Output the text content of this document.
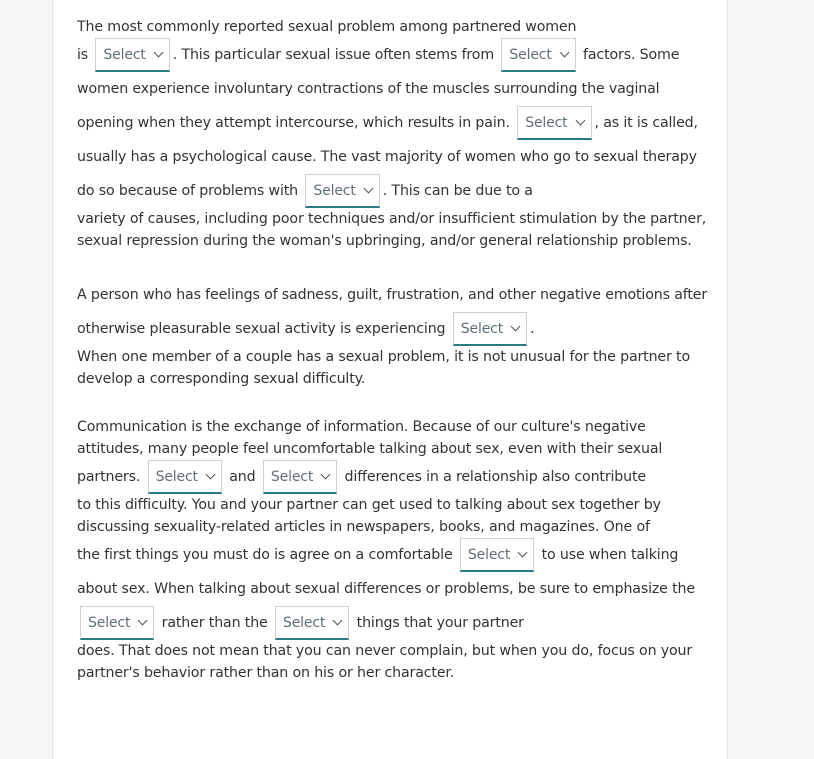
The most commonly reported sexual problem among partnered women
is Select . This particular sexual issue often stems from Select factors. Some women experience involuntary contractions of the muscles surrounding the vaginal opening when they attempt intercourse, which results in pain. Select , as it is called, usually has a psychological cause. The vast majority of women who go to sexual therapy do so because of problems with Select . This can be due to a
variety of causes, including poor techniques and/or insufficient stimulation by the partner, sexual repression during the woman's upbringing, and/or general relationship problems.

A person who has feelings of sadness, guilt, frustration, and other negative emotions after otherwise pleasurable sexual activity is experiencing Select .
When one member of a couple has a sexual problem, it is not unusual for the partner to develop a corresponding sexual difficulty.

Communication is the exchange of information. Because of our culture's negative attitudes, many people feel uncomfortable talking about sex, even with their sexual
partners. Select and Select differences in a relationship also contribute
to this difficulty. You and your partner can get used to talking about sex together by discussing sexuality-related articles in newspapers, books, and magazines. One of
the first things you must do is agree on a comfortable Select to use when talking about sex. When talking about sexual differences or problems, be sure to emphasize the
Select rather than the Select things that your partner
does. That does not mean that you can never complain, but when you do, focus on your partner's behavior rather than on his or her character.
